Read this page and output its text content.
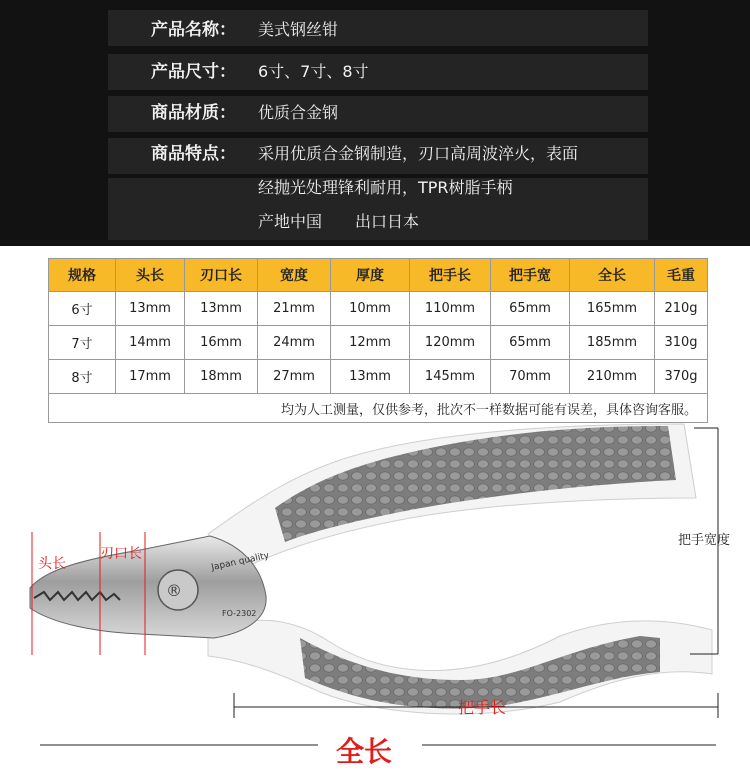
产品名称： 美式钢丝钳
产品尺寸： 6寸、7寸、8寸
商品材质： 优质合金钢
商品特点： 采用优质合金钢制造，刃口高周波淬火，表面
经抛光处理锋利耐用，TPR树脂手柄
产地中国 出口日本
规格	头长	刃口长	宽度	厚度	把手长	把手宽	全长	毛重
6寸	13mm	13mm	21mm	10mm	110mm	65mm	165mm	210g
7寸	14mm	16mm	24mm	12mm	120mm	65mm	185mm	310g
8寸	17mm	18mm	27mm	13mm	145mm	70mm	210mm	370g
均为人工测量，仅供参考，批次不一样数据可能有误差，具体咨询客服。								
®
Japan quality
FO-2302
头长
刃口长
把手宽度
把手长
全长
